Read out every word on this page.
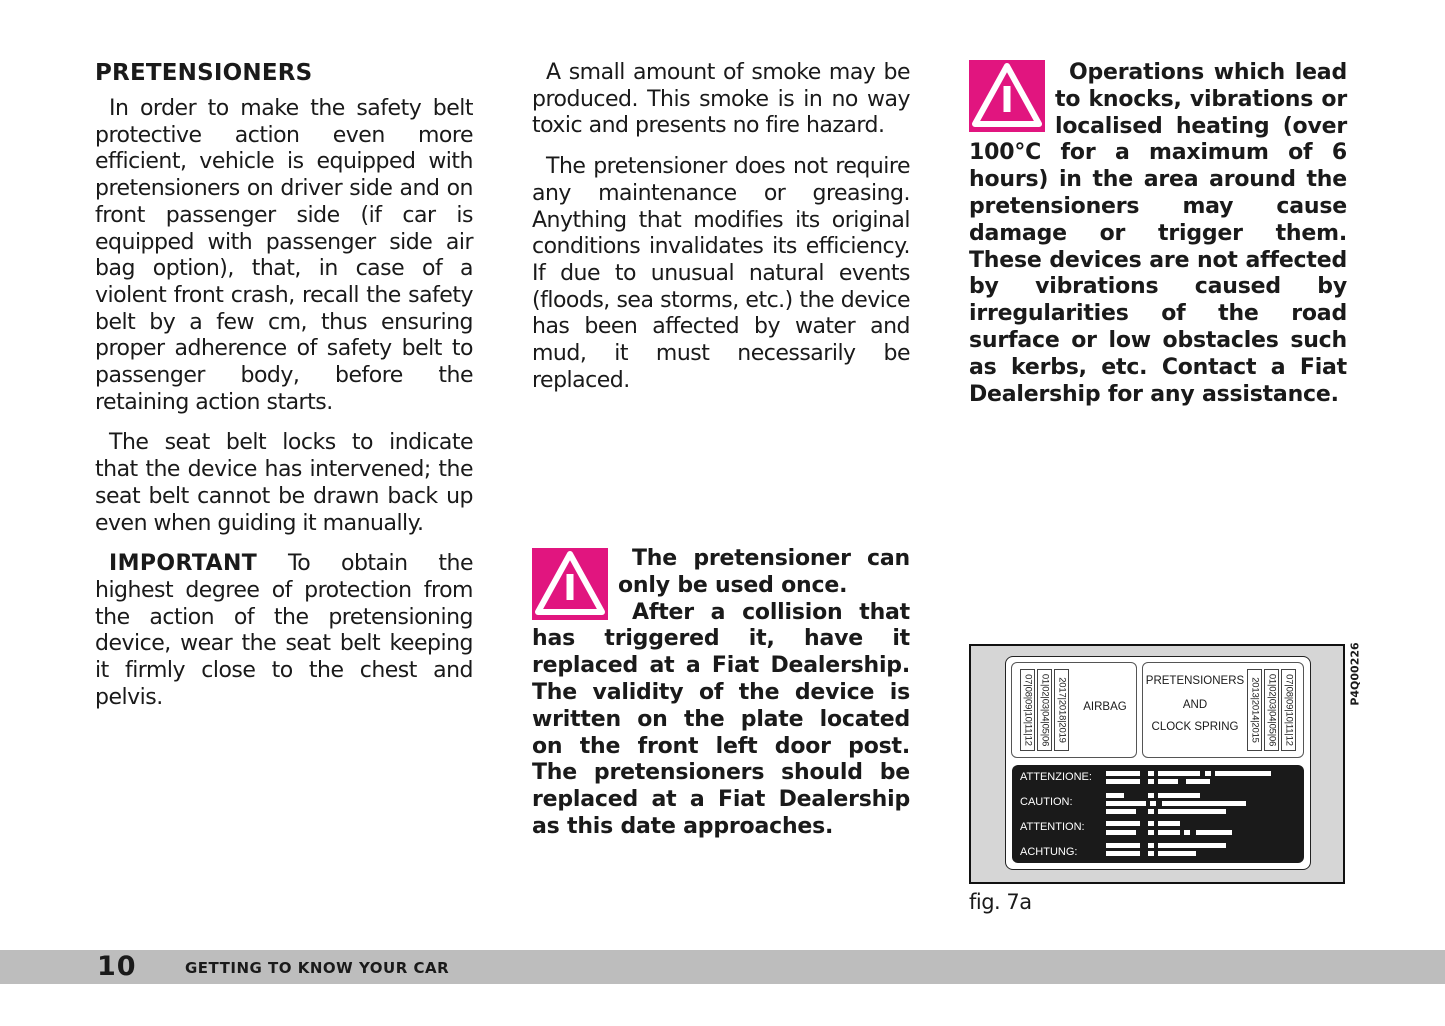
PRETENSIONERS

In order to make the safety belt protective action even more efficient, vehicle is equipped with pretensioners on driver side and on front passenger side (if car is equipped with passenger side air bag option), that, in case of a violent front crash, recall the safety belt by a few cm, thus ensuring proper adherence of safety belt to passenger body, before the retaining action starts.

The seat belt locks to indicate that the device has intervened; the seat belt cannot be drawn back up even when guiding it manually.

IMPORTANT To obtain the highest degree of protection from the action of the pretensioning device, wear the seat belt keeping it firmly close to the chest and pelvis.

A small amount of smoke may be produced. This smoke is in no way toxic and presents no fire hazard.

The pretensioner does not require any maintenance or greasing. Anything that modifies its original conditions invalidates its efficiency. If due to unusual natural events (floods, sea storms, etc.) the device has been affected by water and mud, it must necessarily be replaced.

The pretensioner can only be used once.

After a collision that has triggered it, have it replaced at a Fiat Dealership. The validity of the device is written on the plate located on the front left door post. The pretensioners should be replaced at a Fiat Dealership as this date approaches.

Operations which lead to knocks, vibrations or localised heating (over 100°C for a maximum of 6 hours) in the area around the pretensioners may cause damage or trigger them. These devices are not affected by vibrations caused by irregularities of the road surface or low obstacles such as kerbs, etc. Contact a Fiat Dealership for any assistance.

07|08|09|10|11|12 01|02|03|04|05|06 2017|2018|2019	AIRBAG
PRETENSIONERS
AND
CLOCK SPRING	2013|2014|2015 01|02|03|04|05|06 07|08|09|10|11|12
ATTENZIONE:
CAUTION:
ATTENTION:
ACHTUNG:
P4Q00226
fig. 7a
10	GETTING TO KNOW YOUR CAR
